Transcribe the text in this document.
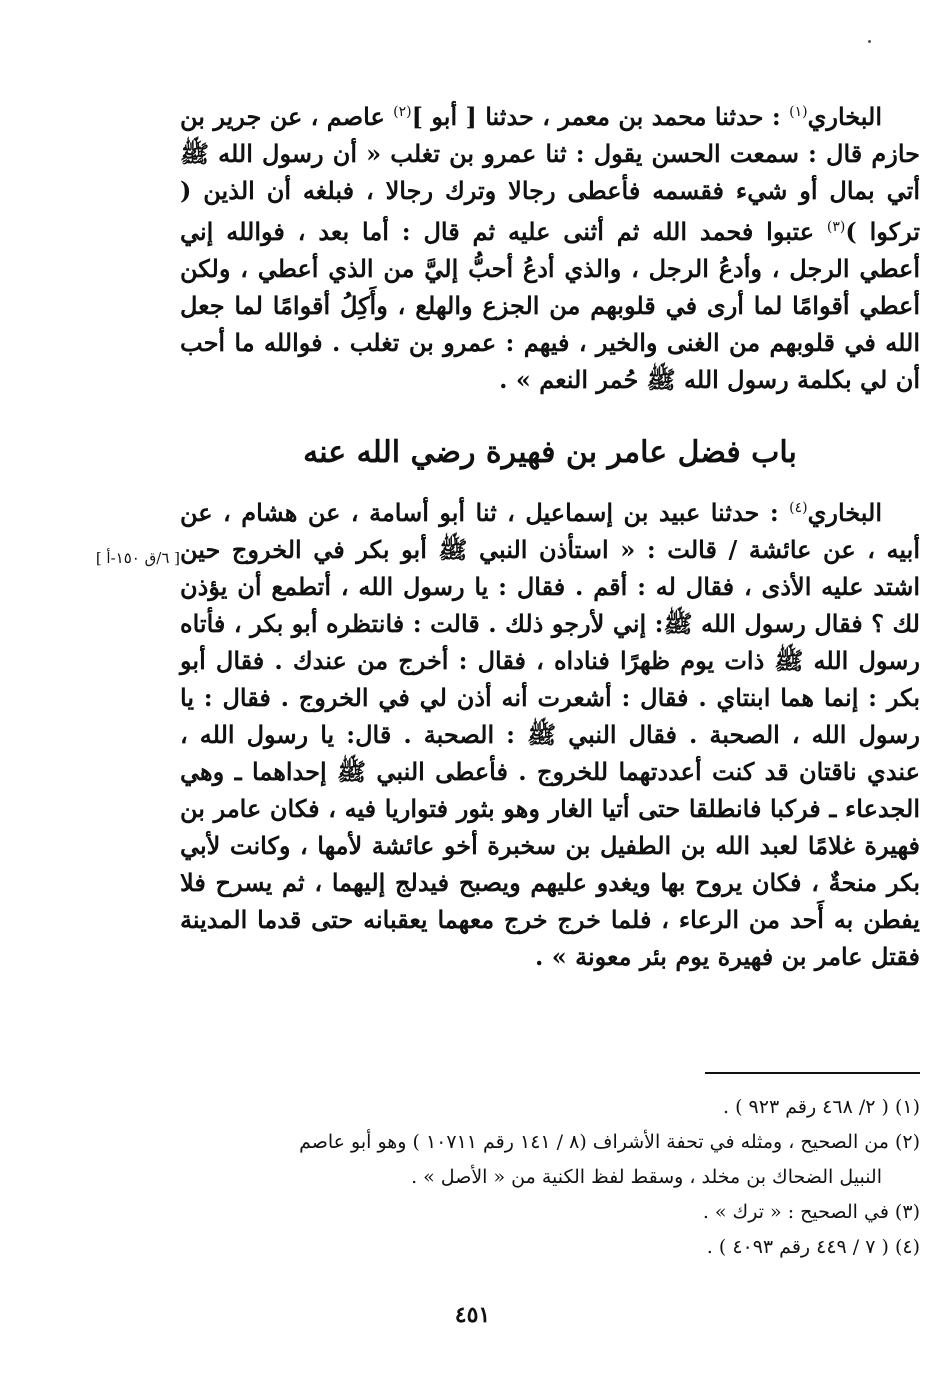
البخاري$^{(١)}$ : حدثنا محمد بن معمر ، حدثنا [ أبو ]$^{(٢)}$ عاصم ، عن جرير بن حازم قال : سمعت الحسن يقول : ثنا عمرو بن تغلب « أن رسول الله ﷺ أتي بمال أو شيء فقسمه فأعطى رجالا وترك رجالا ، فبلغه أن الذين ( تركوا )$^{(٣)}$ عتبوا فحمد الله ثم أثنى عليه ثم قال : أما بعد ، فوالله إني أعطي الرجل ، وأدعُ الرجل ، والذي أدعُ أحبُّ إليَّ من الذي أعطي ، ولكن أعطي أقوامًا لما أرى في قلوبهم من الجزع والهلع ، وأَكِلُ أقوامًا لما جعل الله في قلوبهم من الغنى والخير ، فيهم : عمرو بن تغلب . فوالله ما أحب أن لي بكلمة رسول الله ﷺ حُمر النعم » .
باب فضل عامر بن فهيرة رضي الله عنه
البخاري$^{(٤)}$ : حدثنا عبيد بن إسماعيل ، ثنا أبو أسامة ، عن هشام ، عن أبيه ، عن عائشة / قالت : « استأذن النبي ﷺ أبو بكر في الخروج حين اشتد عليه الأذى ، فقال له : أقم . فقال : يا رسول الله ، أتطمع أن يؤذن لك ؟ فقال رسول الله ﷺ: إني لأرجو ذلك . قالت : فانتظره أبو بكر ، فأتاه رسول الله ﷺ ذات يوم ظهرًا فناداه ، فقال : أخرج من عندك . فقال أبو بكر : إنما هما ابنتاي . فقال : أشعرت أنه أذن لي في الخروج . فقال : يا رسول الله ، الصحبة . فقال النبي ﷺ : الصحبة . قال: يا رسول الله ، عندي ناقتان قد كنت أعددتهما للخروج . فأعطى النبي ﷺ إحداهما ـ وهي الجدعاء ـ فركبا فانطلقا حتى أتيا الغار وهو بثور فتواريا فيه ، فكان عامر بن فهيرة غلامًا لعبد الله بن الطفيل بن سخبرة أخو عائشة لأمها ، وكانت لأبي بكر منحةٌ ، فكان يروح بها ويغدو عليهم ويصبح فيدلج إليهما ، ثم يسرح فلا يفطن به أَحد من الرعاء ، فلما خرج خرج معهما يعقبانه حتى قدما المدينة فقتل عامر بن فهيرة يوم بئر معونة » .
[ ٦/ق ١٥٠-أ ]
(١) ( ٢/ ٤٦٨ رقم ٩٢٣ ) .
(٢) من الصحيح ، ومثله في تحفة الأشراف (٨ / ١٤١ رقم ١٠٧١١ ) وهو أبو عاصم
النبيل الضحاك بن مخلد ، وسقط لفظ الكنية من « الأصل » .
(٣) في الصحيح : « ترك » .
(٤) ( ٧ / ٤٤٩ رقم ٤٠٩٣ ) .
٤٥١
